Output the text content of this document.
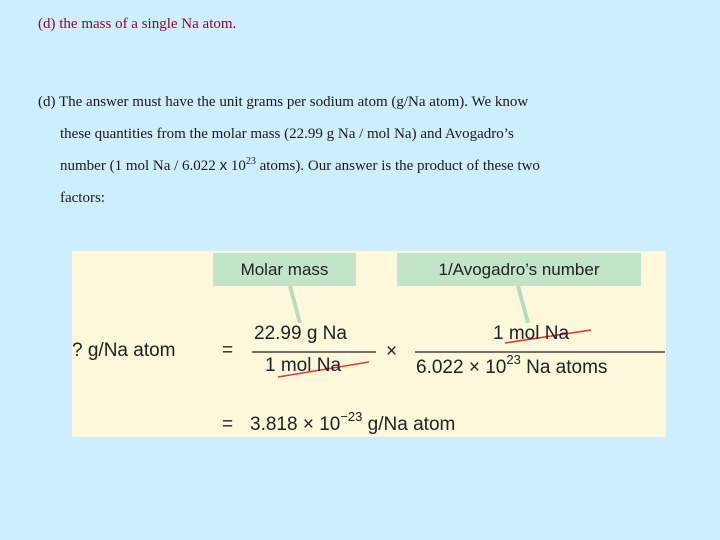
(d) the mass of a single Na atom.
(d) The answer must have the unit grams per sodium atom (g/Na atom). We know
these quantities from the molar mass (22.99 g Na / mol Na) and Avogadro’s
number (1 mol Na / 6.022 x $10^{23}$ atoms). Our answer is the product of these two
factors:
Molar mass	1/Avogadro’s number
? g/Na atom =
22.99 g Na
1 mol Na
×
1 mol Na
$6.022 \times 10^{23}$ Na atoms
= $3.818 \times 10^{-23}$ g/Na atom
